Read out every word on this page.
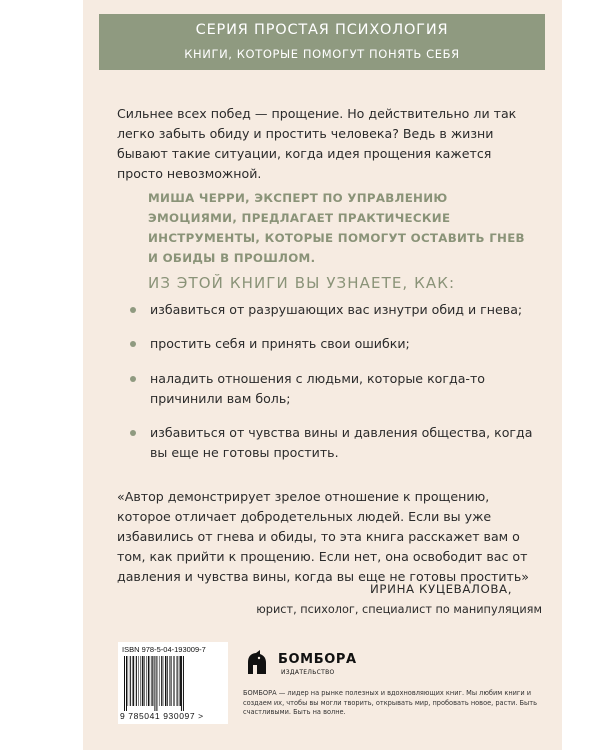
СЕРИЯ ПРОСТАЯ ПСИХОЛОГИЯ
КНИГИ, КОТОРЫЕ ПОМОГУТ ПОНЯТЬ СЕБЯ
Сильнее всех побед — прощение. Но действительно ли так легко забыть обиду и простить человека? Ведь в жизни бывают такие ситуации, когда идея прощения кажется просто невозможной.
МИША ЧЕРРИ, ЭКСПЕРТ ПО УПРАВЛЕНИЮ ЭМОЦИЯМИ, ПРЕДЛАГАЕТ ПРАКТИЧЕСКИЕ ИНСТРУМЕНТЫ, КОТОРЫЕ ПОМОГУТ ОСТАВИТЬ ГНЕВ И ОБИДЫ В ПРОШЛОМ.
ИЗ ЭТОЙ КНИГИ ВЫ УЗНАЕТЕ, КАК:
избавиться от разрушающих вас изнутри обид и гнева;
простить себя и принять свои ошибки;
наладить отношения с людьми, которые когда-то причинили вам боль;
избавиться от чувства вины и давления общества, когда вы еще не готовы простить.
«Автор демонстрирует зрелое отношение к прощению, которое отличает добродетельных людей. Если вы уже избавились от гнева и обиды, то эта книга расскажет вам о том, как прийти к прощению. Если нет, она освободит вас от давления и чувства вины, когда вы еще не готовы простить»
ИРИНА КУЦЕВАЛОВА,
юрист, психолог, специалист по манипуляциям
ISBN 978-5-04-193009-7
9 785041 930097 >
БОМБОРА
ИЗДАТЕЛЬСТВО
БОМБОРА — лидер на рынке полезных и вдохновляющих книг. Мы любим книги и создаем их, чтобы вы могли творить, открывать мир, пробовать новое, расти. Быть счастливыми. Быть на волне.
